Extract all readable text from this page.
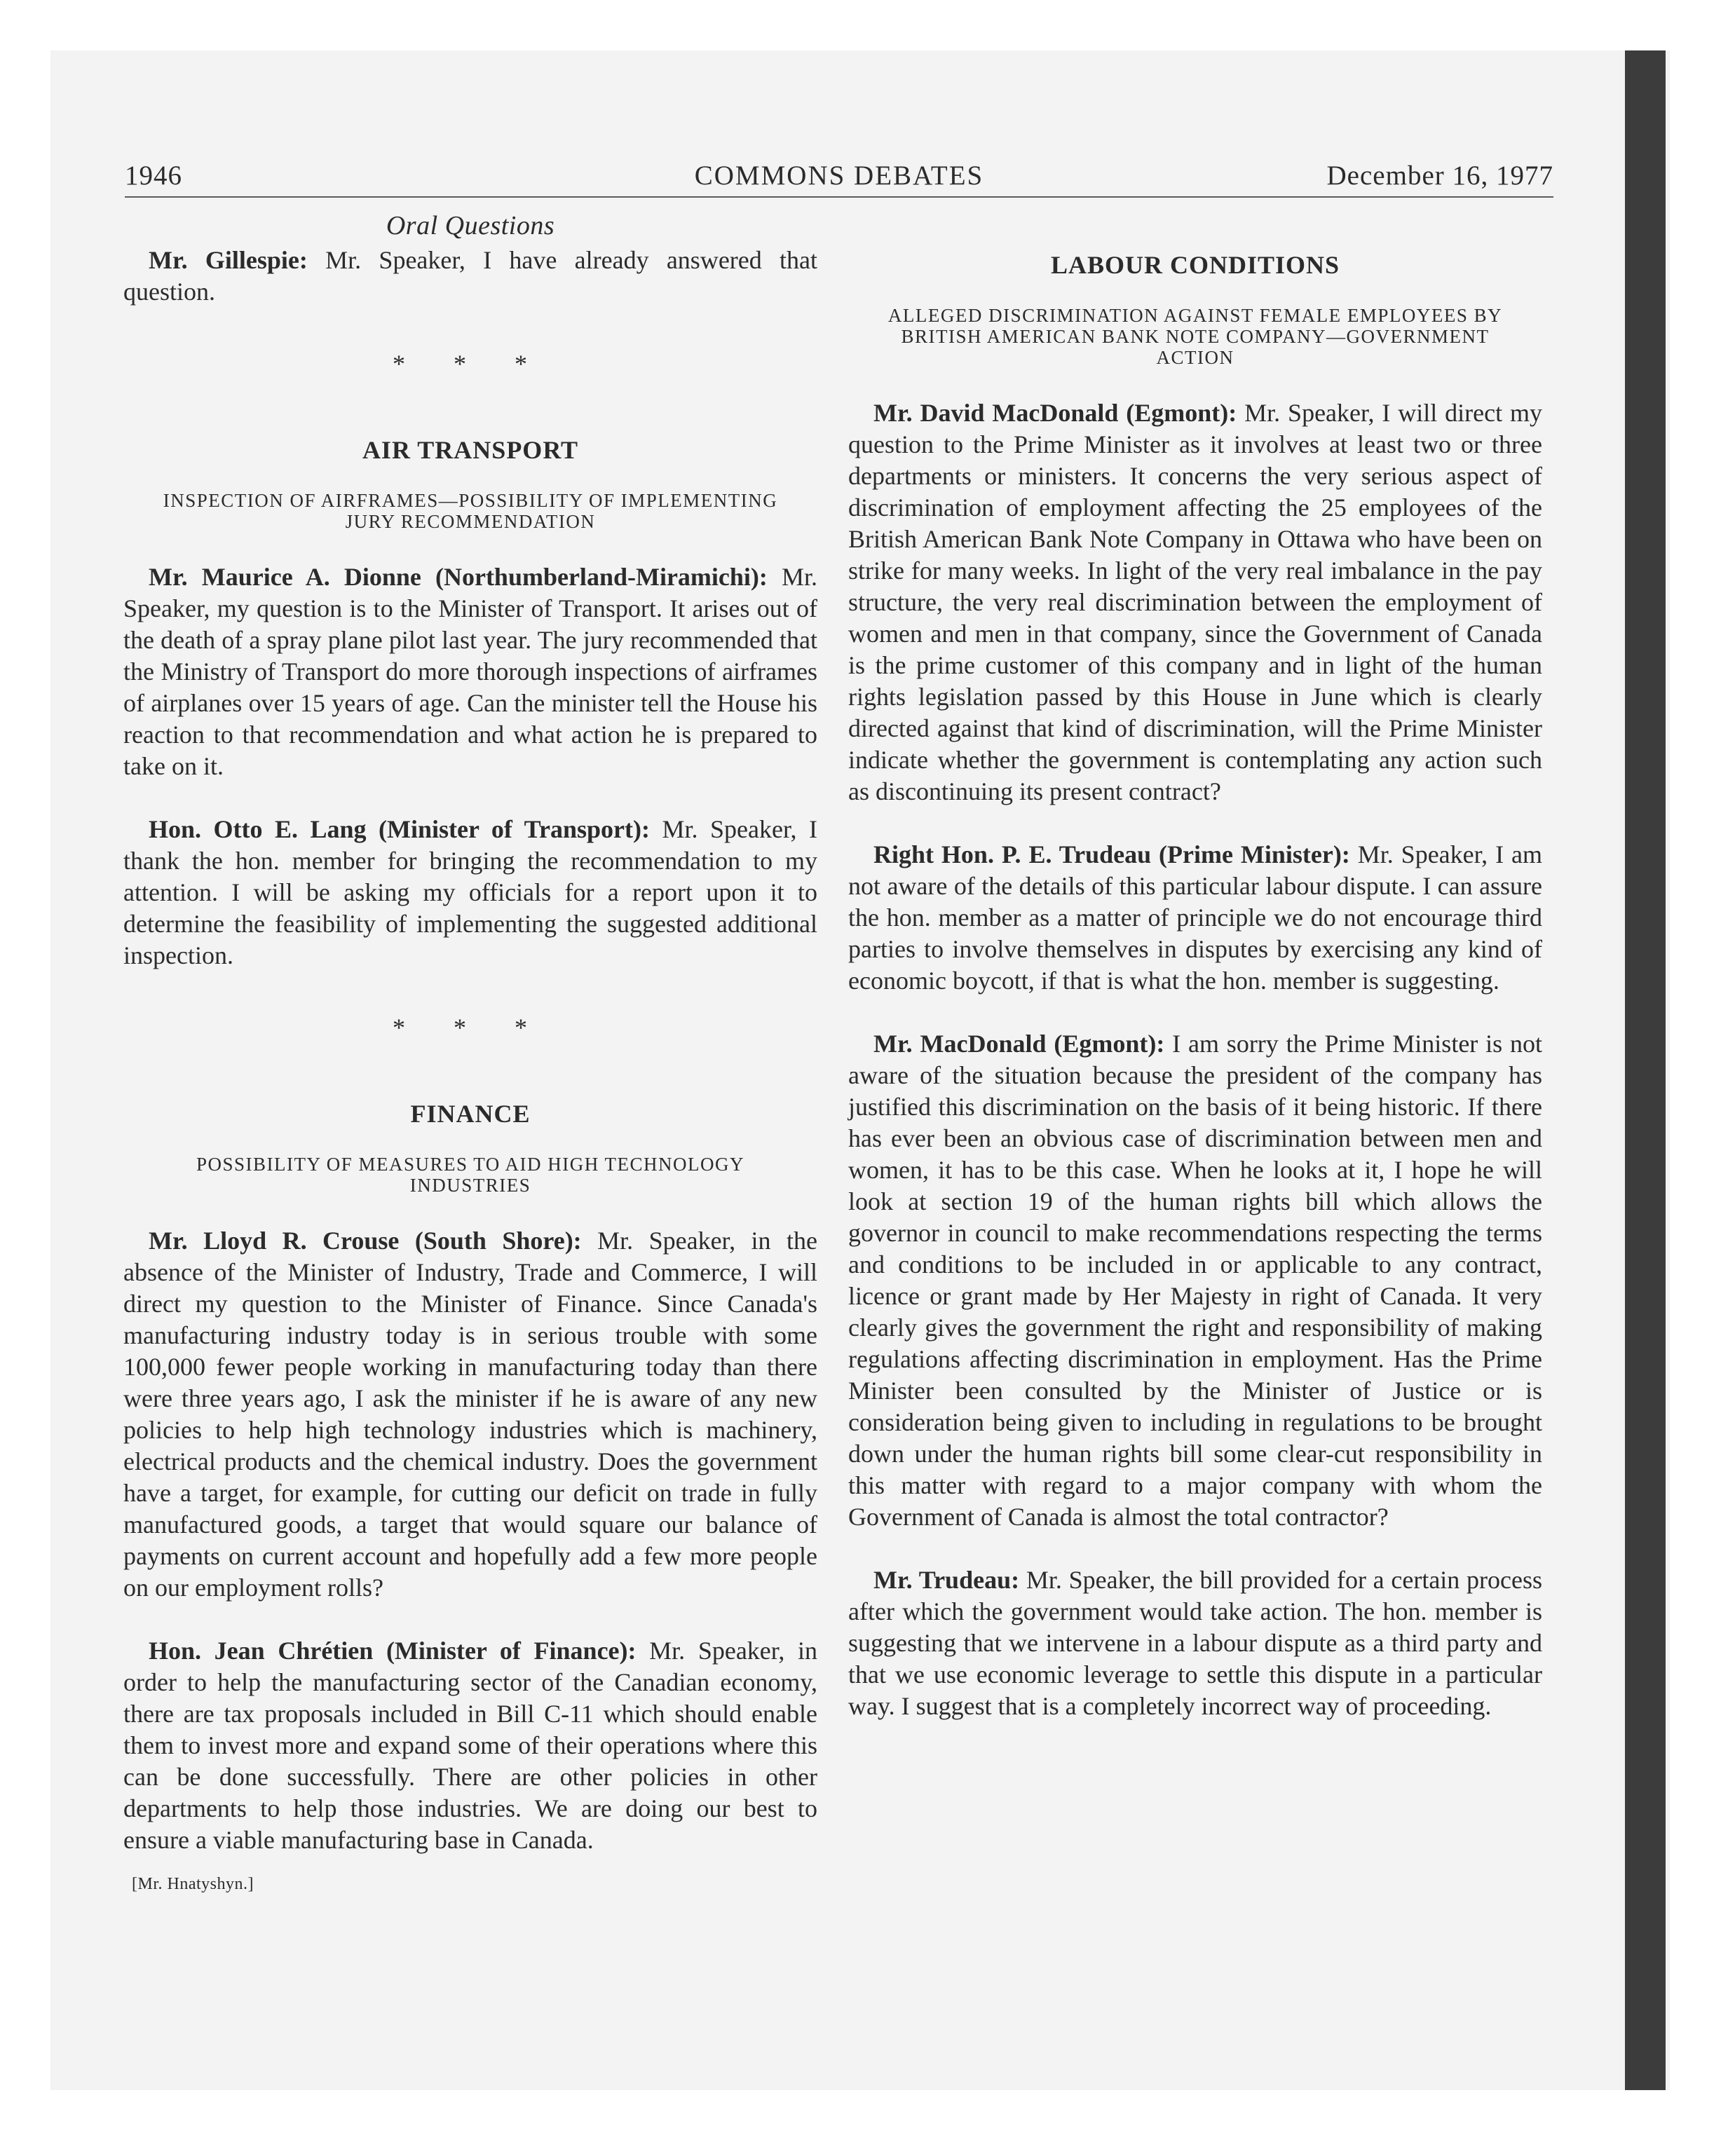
1946	COMMONS DEBATES	December 16, 1977
Oral Questions

Mr. Gillespie: Mr. Speaker, I have already answered that question.

* * *
AIR TRANSPORT
INSPECTION OF AIRFRAMES—POSSIBILITY OF IMPLEMENTING JURY RECOMMENDATION

Mr. Maurice A. Dionne (Northumberland-Miramichi): Mr. Speaker, my question is to the Minister of Transport. It arises out of the death of a spray plane pilot last year. The jury recommended that the Ministry of Transport do more thorough inspections of airframes of airplanes over 15 years of age. Can the minister tell the House his reaction to that recommendation and what action he is prepared to take on it.

Hon. Otto E. Lang (Minister of Transport): Mr. Speaker, I thank the hon. member for bringing the recommendation to my attention. I will be asking my officials for a report upon it to determine the feasibility of implementing the suggested additional inspection.

* * *
FINANCE
POSSIBILITY OF MEASURES TO AID HIGH TECHNOLOGY INDUSTRIES

Mr. Lloyd R. Crouse (South Shore): Mr. Speaker, in the absence of the Minister of Industry, Trade and Commerce, I will direct my question to the Minister of Finance. Since Canada's manufacturing industry today is in serious trouble with some 100,000 fewer people working in manufacturing today than there were three years ago, I ask the minister if he is aware of any new policies to help high technology industries which is machinery, electrical products and the chemical industry. Does the government have a target, for example, for cutting our deficit on trade in fully manufactured goods, a target that would square our balance of payments on current account and hopefully add a few more people on our employment rolls?

Hon. Jean Chrétien (Minister of Finance): Mr. Speaker, in order to help the manufacturing sector of the Canadian economy, there are tax proposals included in Bill C-11 which should enable them to invest more and expand some of their operations where this can be done successfully. There are other policies in other departments to help those industries. We are doing our best to ensure a viable manufacturing base in Canada.

[Mr. Hnatyshyn.]
LABOUR CONDITIONS
ALLEGED DISCRIMINATION AGAINST FEMALE EMPLOYEES BY BRITISH AMERICAN BANK NOTE COMPANY—GOVERNMENT ACTION

Mr. David MacDonald (Egmont): Mr. Speaker, I will direct my question to the Prime Minister as it involves at least two or three departments or ministers. It concerns the very serious aspect of discrimination of employment affecting the 25 employees of the British American Bank Note Company in Ottawa who have been on strike for many weeks. In light of the very real imbalance in the pay structure, the very real discrimination between the employment of women and men in that company, since the Government of Canada is the prime customer of this company and in light of the human rights legislation passed by this House in June which is clearly directed against that kind of discrimination, will the Prime Minister indicate whether the government is contemplating any action such as discontinuing its present contract?

Right Hon. P. E. Trudeau (Prime Minister): Mr. Speaker, I am not aware of the details of this particular labour dispute. I can assure the hon. member as a matter of principle we do not encourage third parties to involve themselves in disputes by exercising any kind of economic boycott, if that is what the hon. member is suggesting.

Mr. MacDonald (Egmont): I am sorry the Prime Minister is not aware of the situation because the president of the company has justified this discrimination on the basis of it being historic. If there has ever been an obvious case of discrimination between men and women, it has to be this case. When he looks at it, I hope he will look at section 19 of the human rights bill which allows the governor in council to make recommendations respecting the terms and conditions to be included in or applicable to any contract, licence or grant made by Her Majesty in right of Canada. It very clearly gives the government the right and responsibility of making regulations affecting discrimination in employment. Has the Prime Minister been consulted by the Minister of Justice or is consideration being given to including in regulations to be brought down under the human rights bill some clear-cut responsibility in this matter with regard to a major company with whom the Government of Canada is almost the total contractor?

Mr. Trudeau: Mr. Speaker, the bill provided for a certain process after which the government would take action. The hon. member is suggesting that we intervene in a labour dispute as a third party and that we use economic leverage to settle this dispute in a particular way. I suggest that is a completely incorrect way of proceeding.
